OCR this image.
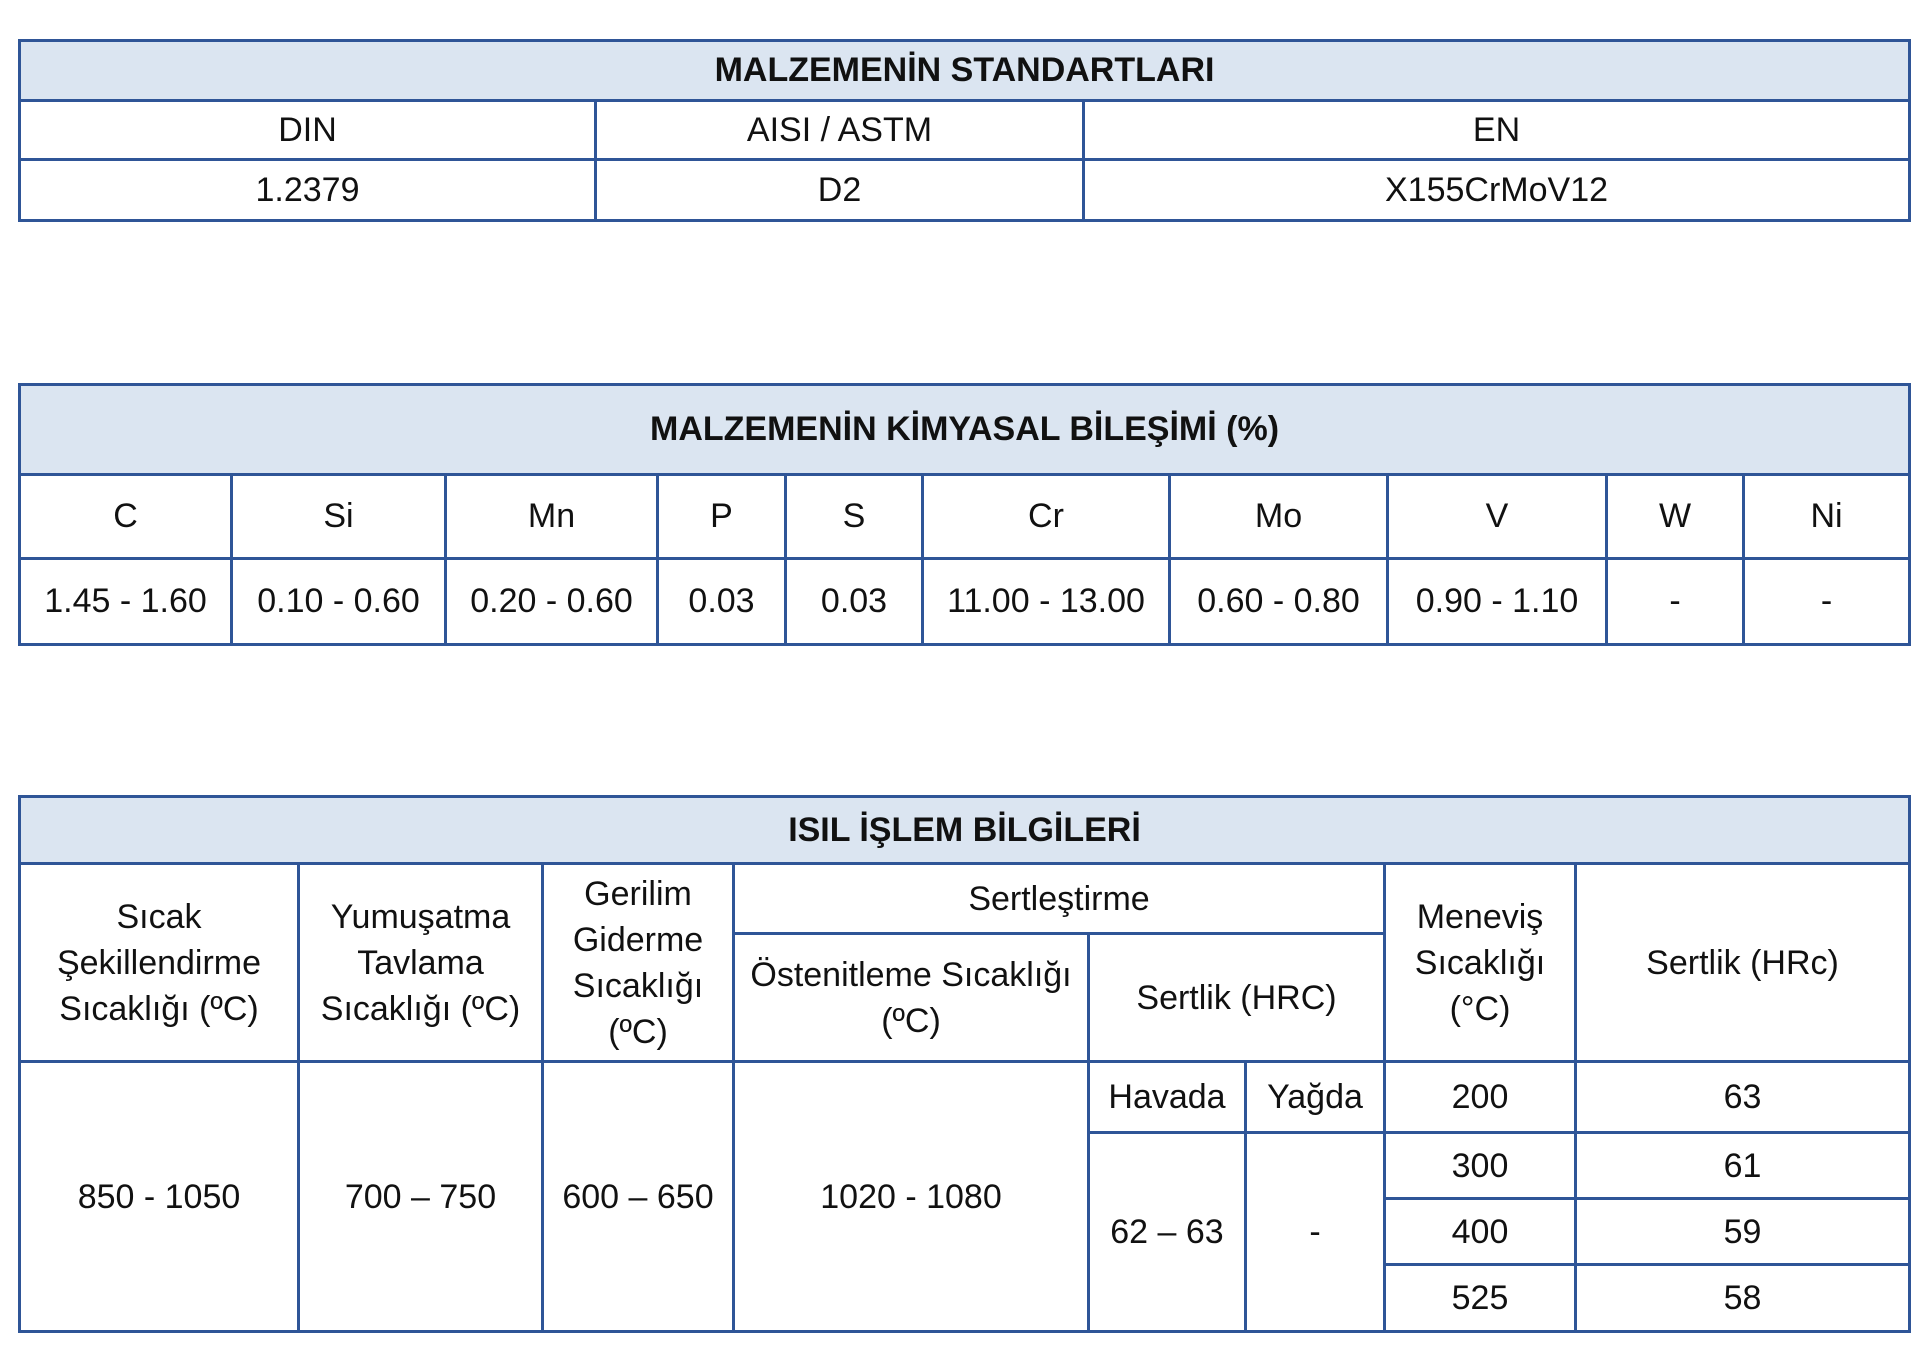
MALZEMENİN STANDARTLARI		
DIN	AISI / ASTM	EN
1.2379	D2	X155CrMoV12
MALZEMENİN KİMYASAL BİLEŞİMİ (%)									
C	Si	Mn	P	S	Cr	Mo	V	W	Ni
1.45 - 1.60	0.10 - 0.60	0.20 - 0.60	0.03	0.03	11.00 - 13.00	0.60 - 0.80	0.90 - 1.10	-	-
ISIL İŞLEM BİLGİLERİ							
Sıcak Şekillendirme Sıcaklığı (ºC)	Yumuşatma Tavlama Sıcaklığı (ºC)	Gerilim Giderme Sıcaklığı (ºC)	Sertleştirme			Meneviş Sıcaklığı (°C)	Sertlik (HRc)
			Östenitleme Sıcaklığı (ºC)	Sertlik (HRC)			
850 - 1050	700 – 750	600 – 650	1020 - 1080	Havada	Yağda	200	63
				62 – 63	-	300	61
						400	59
						525	58
